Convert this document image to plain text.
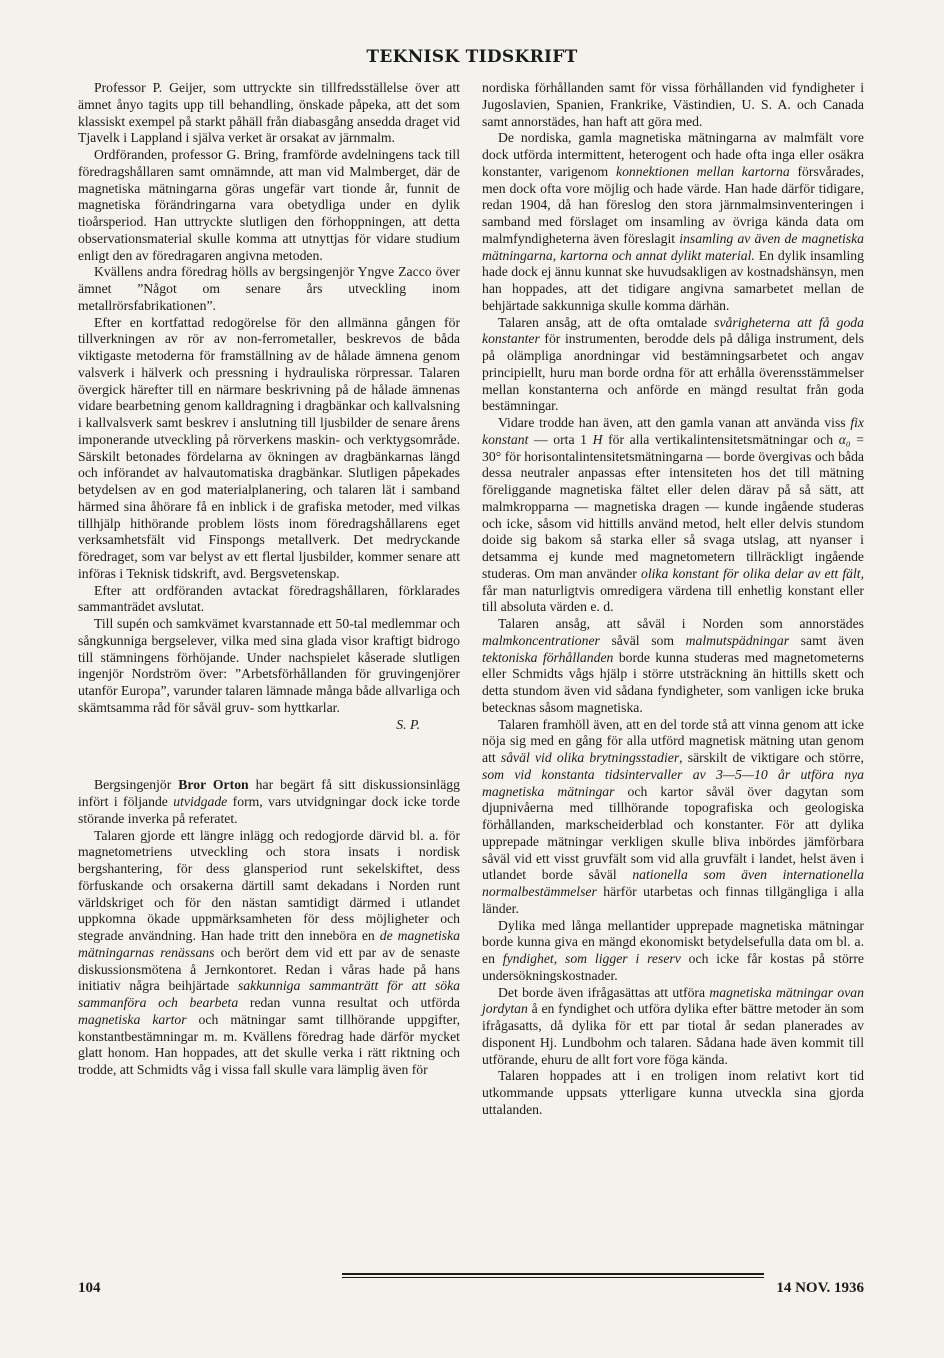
TEKNISK TIDSKRIFT

Professor P. Geijer, som uttryckte sin tillfredsställelse över att ämnet ånyo tagits upp till behandling, önskade påpeka, att det som klassiskt exempel på starkt påhäll från diabasgång ansedda draget vid Tjavelk i Lappland i själva verket är orsakat av järnmalm.

Ordföranden, professor G. Bring, framförde avdelningens tack till föredragshållaren samt omnämnde, att man vid Malmberget, där de magnetiska mätningarna göras ungefär vart tionde år, funnit de magnetiska förändringarna vara obetydliga under en dylik tioårsperiod. Han uttryckte slutligen den förhoppningen, att detta observationsmaterial skulle komma att utnyttjas för vidare studium enligt den av föredragaren angivna metoden.

Kvällens andra föredrag hölls av bergsingenjör Yngve Zacco över ämnet ”Något om senare års utveckling inom metallrörsfabrikationen”.

Efter en kortfattad redogörelse för den allmänna gången för tillverkningen av rör av non-ferrometaller, beskrevos de båda viktigaste metoderna för framställning av de hålade ämnena genom valsverk i hälverk och pressning i hydrauliska rörpressar. Talaren övergick härefter till en närmare beskrivning på de hålade ämnenas vidare bearbetning genom kalldragning i dragbänkar och kallvalsning i kallvalsverk samt beskrev i anslutning till ljusbilder de senare årens imponerande utveckling på rörverkens maskin- och verktygsområde. Särskilt betonades fördelarna av ökningen av dragbänkarnas längd och införandet av halvautomatiska dragbänkar. Slutligen påpekades betydelsen av en god materialplanering, och talaren lät i samband härmed sina åhörare få en inblick i de grafiska metoder, med vilkas tillhjälp hithörande problem lösts inom föredragshållarens eget verksamhetsfält vid Finspongs metallverk. Det medryckande föredraget, som var belyst av ett flertal ljusbilder, kommer senare att införas i Teknisk tidskrift, avd. Bergsvetenskap.

Efter att ordföranden avtackat föredragshållaren, förklarades sammanträdet avslutat.

Till supén och samkvämet kvarstannade ett 50-tal medlemmar och sångkunniga bergselever, vilka med sina glada visor kraftigt bidrogo till stämningens förhöjande. Under nachspielet kåserade slutligen ingenjör Nordström över: ”Arbetsförhållanden för gruvingenjörer utanför Europa”, varunder talaren lämnade många både allvarliga och skämtsamma råd för såväl gruv- som hyttkarlar.

S. P.

Bergsingenjör Bror Orton har begärt få sitt diskussionsinlägg infört i följande utvidgade form, vars utvidgningar dock icke torde störande inverka på referatet.

Talaren gjorde ett längre inlägg och redogjorde därvid bl. a. för magnetometriens utveckling och stora insats i nordisk bergshantering, för dess glansperiod runt sekelskiftet, dess förfuskande och orsakerna därtill samt dekadans i Norden runt världskriget och för den nästan samtidigt därmed i utlandet uppkomna ökade uppmärksamheten för dess möjligheter och stegrade användning. Han hade tritt den inneböra en de magnetiska mätningarnas renässans och berört dem vid ett par av de senaste diskussionsmötena å Jernkontoret. Redan i våras hade på hans initiativ några beihjärtade sakkunniga sammanträtt för att söka sammanföra och bearbeta redan vunna resultat och utförda magnetiska kartor och mätningar samt tillhörande uppgifter, konstantbestämningar m. m. Kvällens föredrag hade därför mycket glatt honom. Han hoppades, att det skulle verka i rätt riktning och trodde, att Schmidts våg i vissa fall skulle vara lämplig även för

nordiska förhållanden samt för vissa förhållanden vid fyndigheter i Jugoslavien, Spanien, Frankrike, Västindien, U. S. A. och Canada samt annorstädes, han haft att göra med.

De nordiska, gamla magnetiska mätningarna av malmfält vore dock utförda intermittent, heterogent och hade ofta inga eller osäkra konstanter, varigenom konnektionen mellan kartorna försvårades, men dock ofta vore möjlig och hade värde. Han hade därför tidigare, redan 1904, då han föreslog den stora järnmalmsinventeringen i samband med förslaget om insamling av övriga kända data om malmfyndigheterna även föreslagit insamling av även de magnetiska mätningarna, kartorna och annat dylikt material. En dylik insamling hade dock ej ännu kunnat ske huvudsakligen av kostnadshänsyn, men han hoppades, att det tidigare angivna samarbetet mellan de behjärtade sakkunniga skulle komma därhän.

Talaren ansåg, att de ofta omtalade svårigheterna att få goda konstanter för instrumenten, berodde dels på dåliga instrument, dels på olämpliga anordningar vid bestämningsarbetet och angav principiellt, huru man borde ordna för att erhålla överensstämmelser mellan konstanterna och anförde en mängd resultat från goda bestämningar.

Vidare trodde han även, att den gamla vanan att använda viss fix konstant — orta 1 H för alla vertikalintensitetsmätningar och α₀ = 30° för horisontalintensitetsmätningarna — borde övergivas och båda dessa neutraler anpassas efter intensiteten hos det till mätning föreliggande magnetiska fältet eller delen därav på så sätt, att malmkropparna — magnetiska dragen — kunde ingående studeras och icke, såsom vid hittills använd metod, helt eller delvis stundom doide sig bakom så starka eller så svaga utslag, att nyanser i detsamma ej kunde med magnetometern tillräckligt ingående studeras. Om man använder olika konstant för olika delar av ett fält, får man naturligtvis omredigera värdena till enhetlig konstant eller till absoluta värden e. d.

Talaren ansåg, att såväl i Norden som annorstädes malmkoncentrationer såväl som malmutspädningar samt även tektoniska förhållanden borde kunna studeras med magnetometerns eller Schmidts vågs hjälp i större utsträckning än hittills skett och detta stundom även vid sådana fyndigheter, som vanligen icke bruka betecknas såsom magnetiska.

Talaren framhöll även, att en del torde stå att vinna genom att icke nöja sig med en gång för alla utförd magnetisk mätning utan genom att såväl vid olika brytningsstadier, särskilt de viktigare och större, som vid konstanta tidsintervaller av 3—5—10 år utföra nya magnetiska mätningar och kartor såväl över dagytan som djupnivåerna med tillhörande topografiska och geologiska förhållanden, markscheiderblad och konstanter. För att dylika upprepade mätningar verkligen skulle bliva inbördes jämförbara såväl vid ett visst gruvfält som vid alla gruvfält i landet, helst även i utlandet borde såväl nationella som även internationella normalbestämmelser härför utarbetas och finnas tillgängliga i alla länder.

Dylika med långa mellantider upprepade magnetiska mätningar borde kunna giva en mängd ekonomiskt betydelsefulla data om bl. a. en fyndighet, som ligger i reserv och icke får kostas på större undersökningskostnader.

Det borde även ifrågasättas att utföra magnetiska mätningar ovan jordytan å en fyndighet och utföra dylika efter bättre metoder än som ifrågasatts, då dylika för ett par tiotal år sedan planerades av disponent Hj. Lundbohm och talaren. Sådana hade även kommit till utförande, ehuru de allt fort vore föga kända.

Talaren hoppades att i en troligen inom relativt kort tid utkommande uppsats ytterligare kunna utveckla sina gjorda uttalanden.

104	14 NOV. 1936
